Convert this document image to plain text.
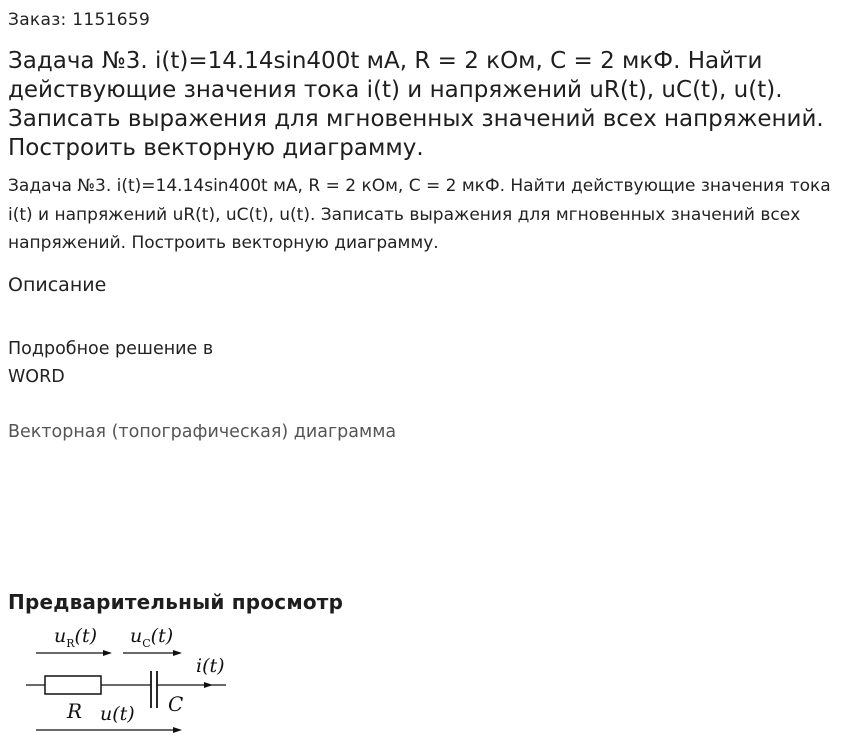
Заказ: 1151659
Задача №3. i(t)=14.14sin400t мА, R = 2 кОм, С = 2 мкФ. Найти действующие значения тока i(t) и напряжений uR(t), uC(t), u(t). Записать выражения для мгновенных значений всех напряжений. Построить векторную диаграмму.

Задача №3. i(t)=14.14sin400t мА, R = 2 кОм, С = 2 мкФ. Найти действующие значения тока i(t) и напряжений uR(t), uC(t), u(t). Записать выражения для мгновенных значений всех напряжений. Построить векторную диаграмму.

Описание
Подробное решение в WORD
Векторная (топографическая) диаграмма
Предварительный просмотр
$u_R(t)$ $u_C(t)$
i(t)
R	C
u(t)
